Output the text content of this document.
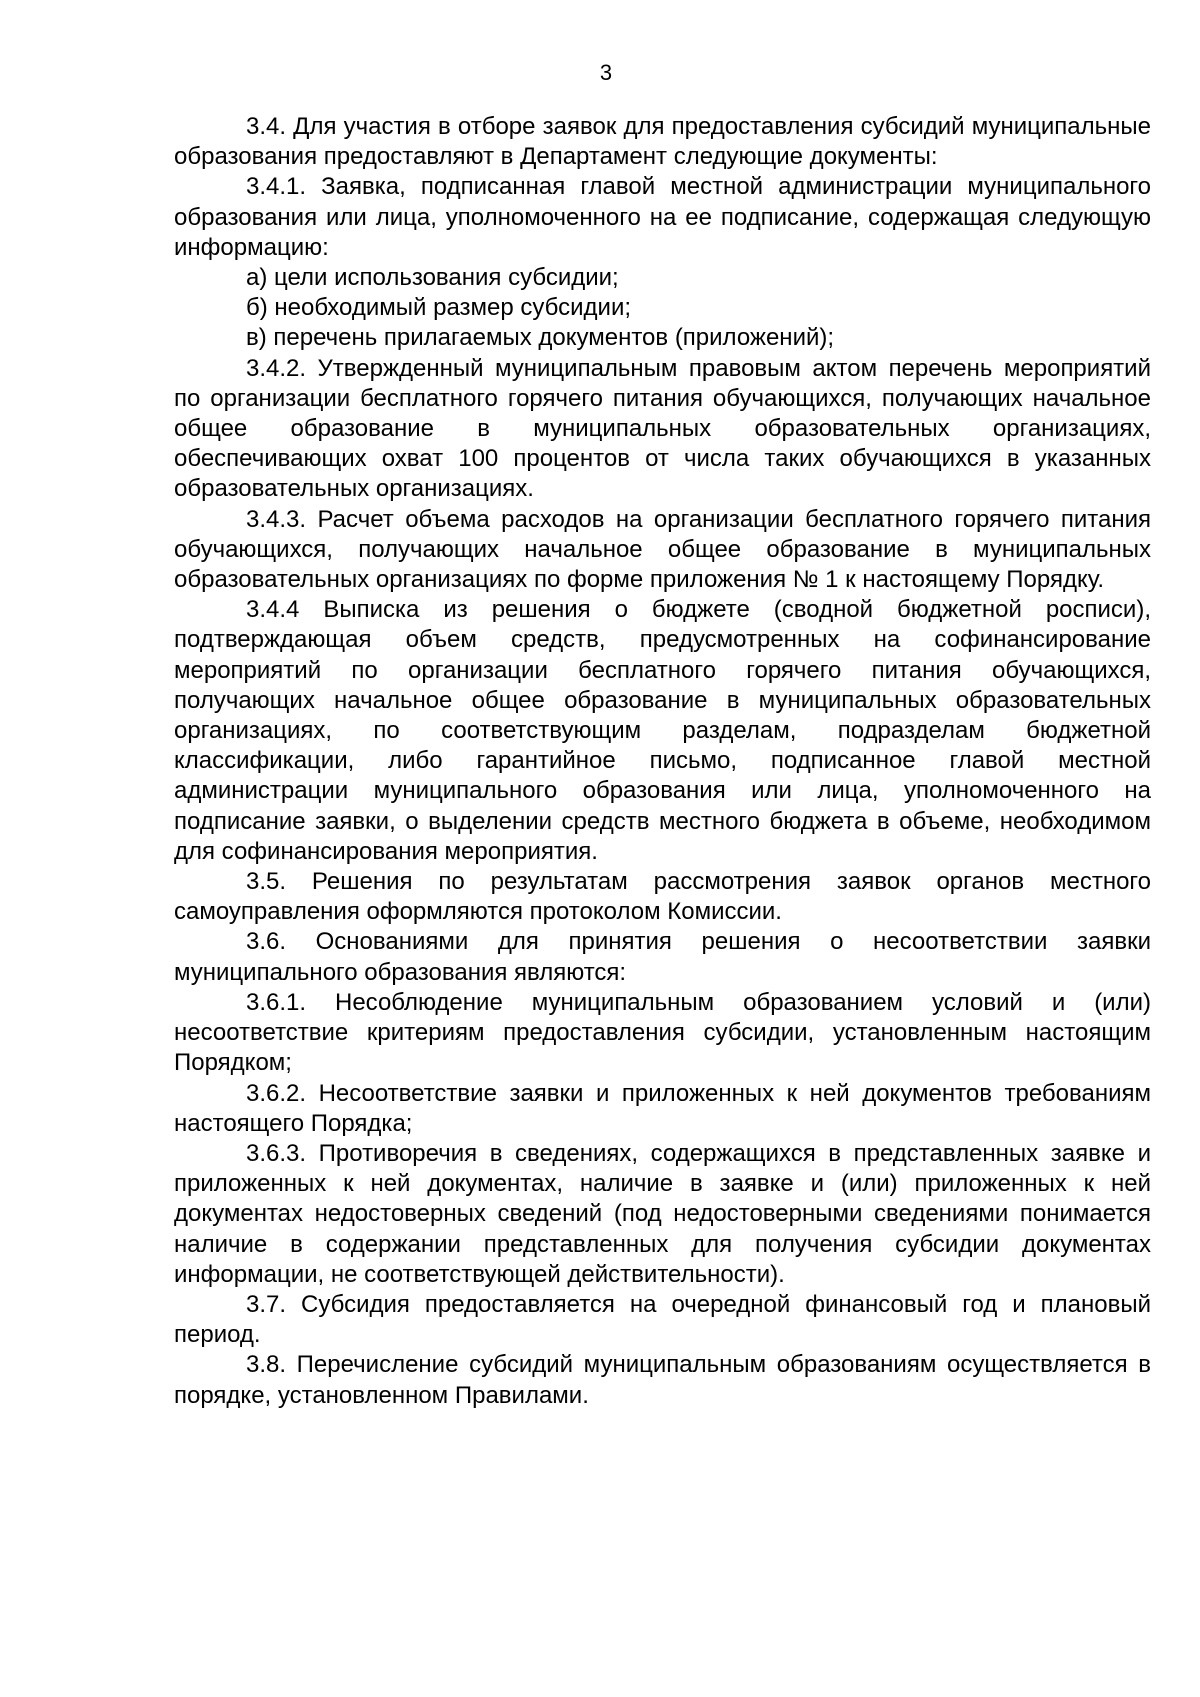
3

3.4. Для участия в отборе заявок для предоставления субсидий муниципальные образования предоставляют в Департамент следующие документы:

3.4.1. Заявка, подписанная главой местной администрации муниципального образования или лица, уполномоченного на ее подписание, содержащая следующую информацию:

а) цели использования субсидии;

б) необходимый размер субсидии;

в) перечень прилагаемых документов (приложений);

3.4.2. Утвержденный муниципальным правовым актом перечень мероприятий по организации бесплатного горячего питания обучающихся, получающих начальное общее образование в муниципальных образовательных организациях, обеспечивающих охват 100 процентов от числа таких обучающихся в указанных образовательных организациях.

3.4.3. Расчет объема расходов на организации бесплатного горячего питания обучающихся, получающих начальное общее образование в муниципальных образовательных организациях по форме приложения № 1 к настоящему Порядку.

3.4.4 Выписка из решения о бюджете (сводной бюджетной росписи), подтверждающая объем средств, предусмотренных на софинансирование мероприятий по организации бесплатного горячего питания обучающихся, получающих начальное общее образование в муниципальных образовательных организациях, по соответствующим разделам, подразделам бюджетной классификации, либо гарантийное письмо, подписанное главой местной администрации муниципального образования или лица, уполномоченного на подписание заявки, о выделении средств местного бюджета в объеме, необходимом для софинансирования мероприятия.

3.5. Решения по результатам рассмотрения заявок органов местного самоуправления оформляются протоколом Комиссии.

3.6. Основаниями для принятия решения о несоответствии заявки муниципального образования являются:

3.6.1. Несоблюдение муниципальным образованием условий и (или) несоответствие критериям предоставления субсидии, установленным настоящим Порядком;

3.6.2. Несоответствие заявки и приложенных к ней документов требованиям настоящего Порядка;

3.6.3. Противоречия в сведениях, содержащихся в представленных заявке и приложенных к ней документах, наличие в заявке и (или) приложенных к ней документах недостоверных сведений (под недостоверными сведениями понимается наличие в содержании представленных для получения субсидии документах информации, не соответствующей действительности).

3.7. Субсидия предоставляется на очередной финансовый год и плановый период.

3.8. Перечисление субсидий муниципальным образованиям осуществляется в порядке, установленном Правилами.
